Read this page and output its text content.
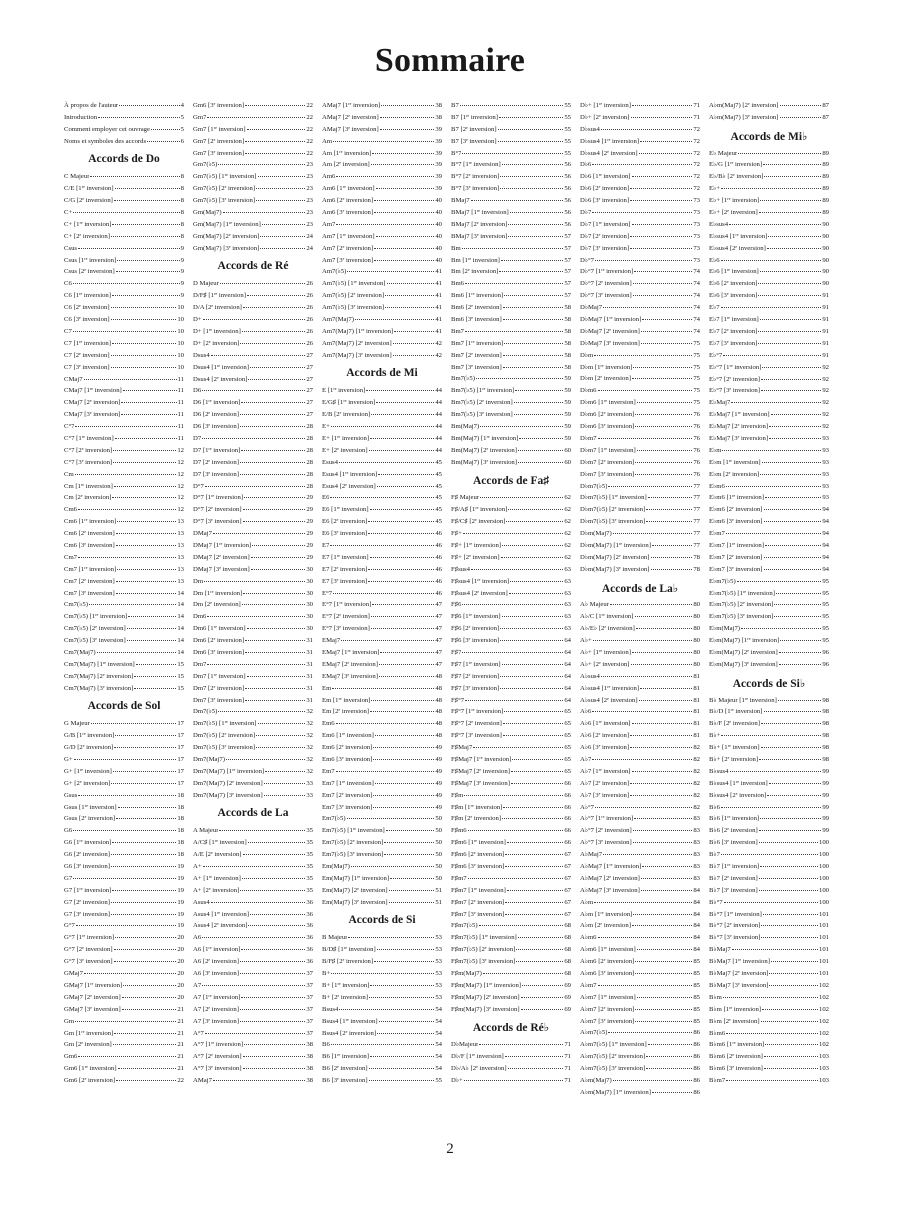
Sommaire
À propos de l'auteur	4
Introduction	5
Comment employer cet ouvrage	5
Noms et symboles des accords	6
Accords de Do
C Majeur	8
C/E [1ʳᵉ inversion]	8
C/G [2ᵉ inversion]	8
C+	8
C+ [1ʳᵉ inversion]	8
C+ [2ᵉ inversion]	8
Csus	9
Csus [1ʳᵉ inversion]	9
Csus [2ᵉ inversion]	9
C6	9
C6 [1ʳᵉ inversion]	9
C6 [2ᵉ inversion]	10
C6 [3ᵉ inversion]	10
C7	10
C7 [1ʳᵉ inversion]	10
C7 [2ᵉ inversion]	10
C7 [3ᵉ inversion]	10
CMaj7	11
CMaj7 [1ʳᵉ inversion]	11
CMaj7 [2ᵉ inversion]	11
CMaj7 [3ᵉ inversion]	11
C°7	11
C°7 [1ʳᵉ inversion]	11
C°7 [2ᵉ inversion]	12
C°7 [3ᵉ inversion]	12
Cm	12
Cm [1ʳᵉ inversion]	12
Cm [2ᵉ inversion]	12
Cm6	12
Cm6 [1ʳᵉ inversion]	13
Cm6 [2ᵉ inversion]	13
Cm6 [3ᵉ inversion]	13
Cm7	13
Cm7 [1ʳᵉ inversion]	13
Cm7 [2ᵉ inversion]	13
Cm7 [3ᵉ inversion]	14
Cm7(♭5)	14
Cm7(♭5) [1ʳᵉ inversion]	14
Cm7(♭5) [2ᵉ inversion]	14
Cm7(♭5) [3ᵉ inversion]	14
Cm7(Maj7)	14
Cm7(Maj7) [1ʳᵉ inversion]	15
Cm7(Maj7) [2ᵉ inversion]	15
Cm7(Maj7) [3ᵉ inversion]	15
Accords de Sol
G Majeur	17
G/B [1ʳᵉ inversion]	17
G/D [2ᵉ inversion]	17
G+	17
G+ [1ʳᵉ inversion]	17
G+ [2ᵉ inversion]	17
Gsus	18
Gsus [1ʳᵉ inversion]	18
Gsus [2ᵉ inversion]	18
G6	18
G6 [1ʳᵉ inversion]	18
G6 [2ᵉ inversion]	18
G6 [3ᵉ inversion]	19
G7	19
G7 [1ʳᵉ inversion]	19
G7 [2ᵉ inversion]	19
G7 [3ᵉ inversion]	19
G°7	19
G°7 [1ʳᵉ inversion]	20
G°7 [2ᵉ inversion]	20
G°7 [3ᵉ inversion]	20
GMaj7	20
GMaj7 [1ʳᵉ inversion]	20
GMaj7 [2ᵉ inversion]	20
GMaj7 [3ᵉ inversion]	21
Gm	21
Gm [1ʳᵉ inversion]	21
Gm [2ᵉ inversion]	21
Gm6	21
Gm6 [1ʳᵉ inversion]	21
Gm6 [2ᵉ inversion]	22
Gm6 [3ᵉ inversion]	22
Gm7	22
Gm7 [1ʳᵉ inversion]	22
Gm7 [2ᵉ inversion]	22
Gm7 [3ᵉ inversion]	22
Gm7(♭5)	23
Gm7(♭5) [1ʳᵉ inversion]	23
Gm7(♭5) [2ᵉ inversion]	23
Gm7(♭5) [3ᵉ inversion]	23
Gm(Maj7)	23
Gm(Maj7) [1ʳᵉ inversion]	23
Gm(Maj7) [2ᵉ inversion]	24
Gm(Maj7) [3ᵉ inversion]	24
Accords de Ré
D Majeur	26
D/F♯ [1ʳᵉ inversion]	26
D/A [2ᵉ inversion]	26
D+	26
D+ [1ʳᵉ inversion]	26
D+ [2ᵉ inversion]	26
Dsus4	27
Dsus4 [1ʳᵉ inversion]	27
Dsus4 [2ᵉ inversion]	27
D6	27
D6 [1ʳᵉ inversion]	27
D6 [2ᵉ inversion]	27
D6 [3ᵉ inversion]	28
D7	28
D7 [1ʳᵉ inversion]	28
D7 [2ᵉ inversion]	28
D7 [3ᵉ inversion]	28
D°7	28
D°7 [1ʳᵉ inversion]	29
D°7 [2ᵉ inversion]	29
D°7 [3ᵉ inversion]	29
DMaj7	29
DMaj7 [1ʳᵉ inversion]	29
DMaj7 [2ᵉ inversion]	29
DMaj7 [3ᵉ inversion]	30
Dm	30
Dm [1ʳᵉ inversion]	30
Dm [2ᵉ inversion]	30
Dm6	30
Dm6 [1ʳᵉ inversion]	30
Dm6 [2ᵉ inversion]	31
Dm6 [3ᵉ inversion]	31
Dm7	31
Dm7 [1ʳᵉ inversion]	31
Dm7 [2ᵉ inversion]	31
Dm7 [3ᵉ inversion]	31
Dm7(♭5)	32
Dm7(♭5) [1ʳᵉ inversion]	32
Dm7(♭5) [2ᵉ inversion]	32
Dm7(♭5) [3ᵉ inversion]	32
Dm7(Maj7)	32
Dm7(Maj7) [1ʳᵉ inversion]	32
Dm7(Maj7) [2ᵉ inversion]	33
Dm7(Maj7) [3ᵉ inversion]	33
Accords de La
A Majeur	35
A/C♯ [1ʳᵉ inversion]	35
A/E [2ᵉ inversion]	35
A+	35
A+ [1ʳᵉ inversion]	35
A+ [2ᵉ inversion]	35
Asus4	36
Asus4 [1ʳᵉ inversion]	36
Asus4 [2ᵉ inversion]	36
A6	36
A6 [1ʳᵉ inversion]	36
A6 [2ᵉ inversion]	36
A6 [3ᵉ inversion]	37
A7	37
A7 [1ʳᵉ inversion]	37
A7 [2ᵉ inversion]	37
A7 [3ᵉ inversion]	37
A°7	37
A°7 [1ʳᵉ inversion]	38
A°7 [2ᵉ inversion]	38
A°7 [3ᵉ inversion]	38
AMaj7	38
AMaj7 [1ʳᵉ inversion]	38
AMaj7 [2ᵉ inversion]	38
AMaj7 [3ᵉ inversion]	39
Am	39
Am [1ʳᵉ inversion]	39
Am [2ᵉ inversion]	39
Am6	39
Am6 [1ʳᵉ inversion]	39
Am6 [2ᵉ inversion]	40
Am6 [3ᵉ inversion]	40
Am7	40
Am7 [1ʳᵉ inversion]	40
Am7 [2ᵉ inversion]	40
Am7 [3ᵉ inversion]	40
Am7(♭5)	41
Am7(♭5) [1ʳᵉ inversion]	41
Am7(♭5) [2ᵉ inversion]	41
Am7(♭5) [3ᵉ inversion]	41
Am7(Maj7)	41
Am7(Maj7) [1ʳᵉ inversion]	41
Am7(Maj7) [2ᵉ inversion]	42
Am7(Maj7) [3ᵉ inversion]	42
Accords de Mi
E [1ʳᵉ inversion]	44
E/G♯ [1ʳᵉ inversion]	44
E/B [2ᵉ inversion]	44
E+	44
E+ [1ʳᵉ inversion]	44
E+ [2ᵉ inversion]	44
Esus4	45
Esus4 [1ʳᵉ inversion]	45
Esus4 [2ᵉ inversion]	45
E6	45
E6 [1ʳᵉ inversion]	45
E6 [2ᵉ inversion]	45
E6 [3ᵉ inversion]	46
E7	46
E7 [1ʳᵉ inversion]	46
E7 [2ᵉ inversion]	46
E7 [3ᵉ inversion]	46
E°7	46
E°7 [1ʳᵉ inversion]	47
E°7 [2ᵉ inversion]	47
E°7 [3ᵉ inversion]	47
EMaj7	47
EMaj7 [1ʳᵉ inversion]	47
EMaj7 [2ᵉ inversion]	47
EMaj7 [3ᵉ inversion]	48
Em	48
Em [1ʳᵉ inversion]	48
Em [2ᵉ inversion]	48
Em6	48
Em6 [1ʳᵉ inversion]	48
Em6 [2ᵉ inversion]	49
Em6 [3ᵉ inversion]	49
Em7	49
Em7 [1ʳᵉ inversion]	49
Em7 [2ᵉ inversion]	49
Em7 [3ᵉ inversion]	49
Em7(♭5)	50
Em7(♭5) [1ʳᵉ inversion]	50
Em7(♭5) [2ᵉ inversion]	50
Em7(♭5) [3ᵉ inversion]	50
Em(Maj7)	50
Em(Maj7) [1ʳᵉ inversion]	50
Em(Maj7) [2ᵉ inversion]	51
Em(Maj7) [3ᵉ inversion]	51
Accords de Si
B Majeur	53
B/D♯ [1ʳᵉ inversion]	53
B/F♯ [2ᵉ inversion]	53
B+	53
B+ [1ʳᵉ inversion]	53
B+ [2ᵉ inversion]	53
Bsus4	54
Bsus4 [1ʳᵉ inversion]	54
Bsus4 [2ᵉ inversion]	54
B6	54
B6 [1ʳᵉ inversion]	54
B6 [2ᵉ inversion]	54
B6 [3ᵉ inversion]	55
B7	55
B7 [1ʳᵉ inversion]	55
B7 [2ᵉ inversion]	55
B7 [3ᵉ inversion]	55
B°7	55
B°7 [1ʳᵉ inversion]	56
B°7 [2ᵉ inversion]	56
B°7 [3ᵉ inversion]	56
BMaj7	56
BMaj7 [1ʳᵉ inversion]	56
BMaj7 [2ᵉ inversion]	56
BMaj7 [3ᵉ inversion]	57
Bm	57
Bm [1ʳᵉ inversion]	57
Bm [2ᵉ inversion]	57
Bm6	57
Bm6 [1ʳᵉ inversion]	57
Bm6 [2ᵉ inversion]	58
Bm6 [3ᵉ inversion]	58
Bm7	58
Bm7 [1ʳᵉ inversion]	58
Bm7 [2ᵉ inversion]	58
Bm7 [3ᵉ inversion]	58
Bm7(♭5)	59
Bm7(♭5) [1ʳᵉ inversion]	59
Bm7(♭5) [2ᵉ inversion]	59
Bm7(♭5) [3ᵉ inversion]	59
Bm(Maj7)	59
Bm(Maj7) [1ʳᵉ inversion]	59
Bm(Maj7) [2ᵉ inversion]	60
Bm(Maj7) [3ᵉ inversion]	60
Accords de Fa♯
F♯ Majeur	62
F♯/A♯ [1ʳᵉ inversion]	62
F♯/C♯ [2ᵉ inversion]	62
F♯+	62
F♯+ [1ʳᵉ inversion]	62
F♯+ [2ᵉ inversion]	62
F♯sus4	63
F♯sus4 [1ʳᵉ inversion]	63
F♯sus4 [2ᵉ inversion]	63
F♯6	63
F♯6 [1ʳᵉ inversion]	63
F♯6 [2ᵉ inversion]	63
F♯6 [3ᵉ inversion]	64
F♯7	64
F♯7 [1ʳᵉ inversion]	64
F♯7 [2ᵉ inversion]	64
F♯7 [3ᵉ inversion]	64
F♯°7	64
F♯°7 [1ʳᵉ inversion]	65
F♯°7 [2ᵉ inversion]	65
F♯°7 [3ᵉ inversion]	65
F♯Maj7	65
F♯Maj7 [1ʳᵉ inversion]	65
F♯Maj7 [2ᵉ inversion]	65
F♯Maj7 [3ᵉ inversion]	66
F♯m	66
F♯m [1ʳᵉ inversion]	66
F♯m [2ᵉ inversion]	66
F♯m6	66
F♯m6 [1ʳᵉ inversion]	66
F♯m6 [2ᵉ inversion]	67
F♯m6 [3ᵉ inversion]	67
F♯m7	67
F♯m7 [1ʳᵉ inversion]	67
F♯m7 [2ᵉ inversion]	67
F♯m7 [3ᵉ inversion]	67
F♯m7(♭5)	68
F♯m7(♭5) [1ʳᵉ inversion]	68
F♯m7(♭5) [2ᵉ inversion]	68
F♯m7(♭5) [3ᵉ inversion]	68
F♯m(Maj7)	68
F♯m(Maj7) [1ʳᵉ inversion]	69
F♯m(Maj7) [2ᵉ inversion]	69
F♯m(Maj7) [3ᵉ inversion]	69
Accords de Ré♭
D♭Majeur	71
D♭/F [1ʳᵉ inversion]	71
D♭/A♭ [2ᵉ inversion]	71
D♭+	71
D♭+ [1ʳᵉ inversion]	71
D♭+ [2ᵉ inversion]	71
D♭sus4	72
D♭sus4 [1ʳᵉ inversion]	72
D♭sus4 [2ᵉ inversion]	72
D♭6	72
D♭6 [1ʳᵉ inversion]	72
D♭6 [2ᵉ inversion]	72
D♭6 [3ᵉ inversion]	73
D♭7	73
D♭7 [1ʳᵉ inversion]	73
D♭7 [2ᵉ inversion]	73
D♭7 [3ᵉ inversion]	73
D♭°7	73
D♭°7 [1ʳᵉ inversion]	74
D♭°7 [2ᵉ inversion]	74
D♭°7 [3ᵉ inversion]	74
D♭Maj7	74
D♭Maj7 [1ʳᵉ inversion]	74
D♭Maj7 [2ᵉ inversion]	74
D♭Maj7 [3ᵉ inversion]	75
D♭m	75
D♭m [1ʳᵉ inversion]	75
D♭m [2ᵉ inversion]	75
D♭m6	75
D♭m6 [1ʳᵉ inversion]	75
D♭m6 [2ᵉ inversion]	76
D♭m6 [3ᵉ inversion]	76
D♭m7	76
D♭m7 [1ʳᵉ inversion]	76
D♭m7 [2ᵉ inversion]	76
D♭m7 [3ᵉ inversion]	76
D♭m7(♭5)	77
D♭m7(♭5) [1ʳᵉ inversion]	77
D♭m7(♭5) [2ᵉ inversion]	77
D♭m7(♭5) [3ᵉ inversion]	77
D♭m(Maj7)	77
D♭m(Maj7) [1ʳᵉ inversion]	77
D♭m(Maj7) [2ᵉ inversion]	78
D♭m(Maj7) [3ᵉ inversion]	78
Accords de La♭
A♭ Majeur	80
A♭/C [1ʳᵉ inversion]	80
A♭/E♭ [2ᵉ inversion]	80
A♭+	80
A♭+ [1ʳᵉ inversion]	80
A♭+ [2ᵉ inversion]	80
A♭sus4	81
A♭sus4 [1ʳᵉ inversion]	81
A♭sus4 [2ᵉ inversion]	81
A♭6	81
A♭6 [1ʳᵉ inversion]	81
A♭6 [2ᵉ inversion]	81
A♭6 [3ᵉ inversion]	82
A♭7	82
A♭7 [1ʳᵉ inversion]	82
A♭7 [2ᵉ inversion]	82
A♭7 [3ᵉ inversion]	82
A♭°7	82
A♭°7 [1ʳᵉ inversion]	83
A♭°7 [2ᵉ inversion]	83
A♭°7 [3ᵉ inversion]	83
A♭Maj7	83
A♭Maj7 [1ʳᵉ inversion]	83
A♭Maj7 [2ᵉ inversion]	83
A♭Maj7 [3ᵉ inversion]	84
A♭m	84
A♭m [1ʳᵉ inversion]	84
A♭m [2ᵉ inversion]	84
A♭m6	84
A♭m6 [1ʳᵉ inversion]	84
A♭m6 [2ᵉ inversion]	85
A♭m6 [3ᵉ inversion]	85
A♭m7	85
A♭m7 [1ʳᵉ inversion]	85
A♭m7 [2ᵉ inversion]	85
A♭m7 [3ᵉ inversion]	85
A♭m7(♭5)	86
A♭m7(♭5) [1ʳᵉ inversion]	86
A♭m7(♭5) [2ᵉ inversion]	86
A♭m7(♭5) [3ᵉ inversion]	86
A♭m(Maj7)	86
A♭m(Maj7) [1ʳᵉ inversion]	86
A♭m(Maj7) [2ᵉ inversion]	87
A♭m(Maj7) [3ᵉ inversion]	87
Accords de Mi♭
E♭ Majeur	89
E♭/G [1ʳᵉ inversion]	89
E♭/B♭ [2ᵉ inversion]	89
E♭+	89
E♭+ [1ʳᵉ inversion]	89
E♭+ [2ᵉ inversion]	89
E♭sus4	90
E♭sus4 [1ʳᵉ inversion]	90
E♭sus4 [2ᵉ inversion]	90
E♭6	90
E♭6 [1ʳᵉ inversion]	90
E♭6 [2ᵉ inversion]	90
E♭6 [3ᵉ inversion]	91
E♭7	91
E♭7 [1ʳᵉ inversion]	91
E♭7 [2ᵉ inversion]	91
E♭7 [3ᵉ inversion]	91
E♭°7	91
E♭°7 [1ʳᵉ inversion]	92
E♭°7 [2ᵉ inversion]	92
E♭°7 [3ᵉ inversion]	92
E♭Maj7	92
E♭Maj7 [1ʳᵉ inversion]	92
E♭Maj7 [2ᵉ inversion]	92
E♭Maj7 [3ᵉ inversion]	93
E♭m	93
E♭m [1ʳᵉ inversion]	93
E♭m [2ᵉ inversion]	93
E♭m6	93
E♭m6 [1ʳᵉ inversion]	93
E♭m6 [2ᵉ inversion]	94
E♭m6 [3ᵉ inversion]	94
E♭m7	94
E♭m7 [1ʳᵉ inversion]	94
E♭m7 [2ᵉ inversion]	94
E♭m7 [3ᵉ inversion]	94
E♭m7(♭5)	95
E♭m7(♭5) [1ʳᵉ inversion]	95
E♭m7(♭5) [2ᵉ inversion]	95
E♭m7(♭5) [3ᵉ inversion]	95
E♭m(Maj7)	95
E♭m(Maj7) [1ʳᵉ inversion]	95
E♭m(Maj7) [2ᵉ inversion]	96
E♭m(Maj7) [3ᵉ inversion]	96
Accords de Si♭
B♭ Majeur [1ʳᵉ inversion]	98
B♭/D [1ʳᵉ inversion]	98
B♭/F [2ᵉ inversion]	98
B♭+	98
B♭+ [1ʳᵉ inversion]	98
B♭+ [2ᵉ inversion]	98
B♭sus4	99
B♭sus4 [1ʳᵉ inversion]	99
B♭sus4 [2ᵉ inversion]	99
B♭6	99
B♭6 [1ʳᵉ inversion]	99
B♭6 [2ᵉ inversion]	99
B♭6 [3ᵉ inversion]	100
B♭7	100
B♭7 [1ʳᵉ inversion]	100
B♭7 [2ᵉ inversion]	100
B♭7 [3ᵉ inversion]	100
B♭°7	100
B♭°7 [1ʳᵉ inversion]	101
B♭°7 [2ᵉ inversion]	101
B♭°7 [3ᵉ inversion]	101
B♭Maj7	101
B♭Maj7 [1ʳᵉ inversion]	101
B♭Maj7 [2ᵉ inversion]	101
B♭Maj7 [3ᵉ inversion]	102
B♭m	102
B♭m [1ʳᵉ inversion]	102
B♭m [2ᵉ inversion]	102
B♭m6	102
B♭m6 [1ʳᵉ inversion]	102
B♭m6 [2ᵉ inversion]	103
B♭m6 [3ᵉ inversion]	103
B♭m7	103
2
